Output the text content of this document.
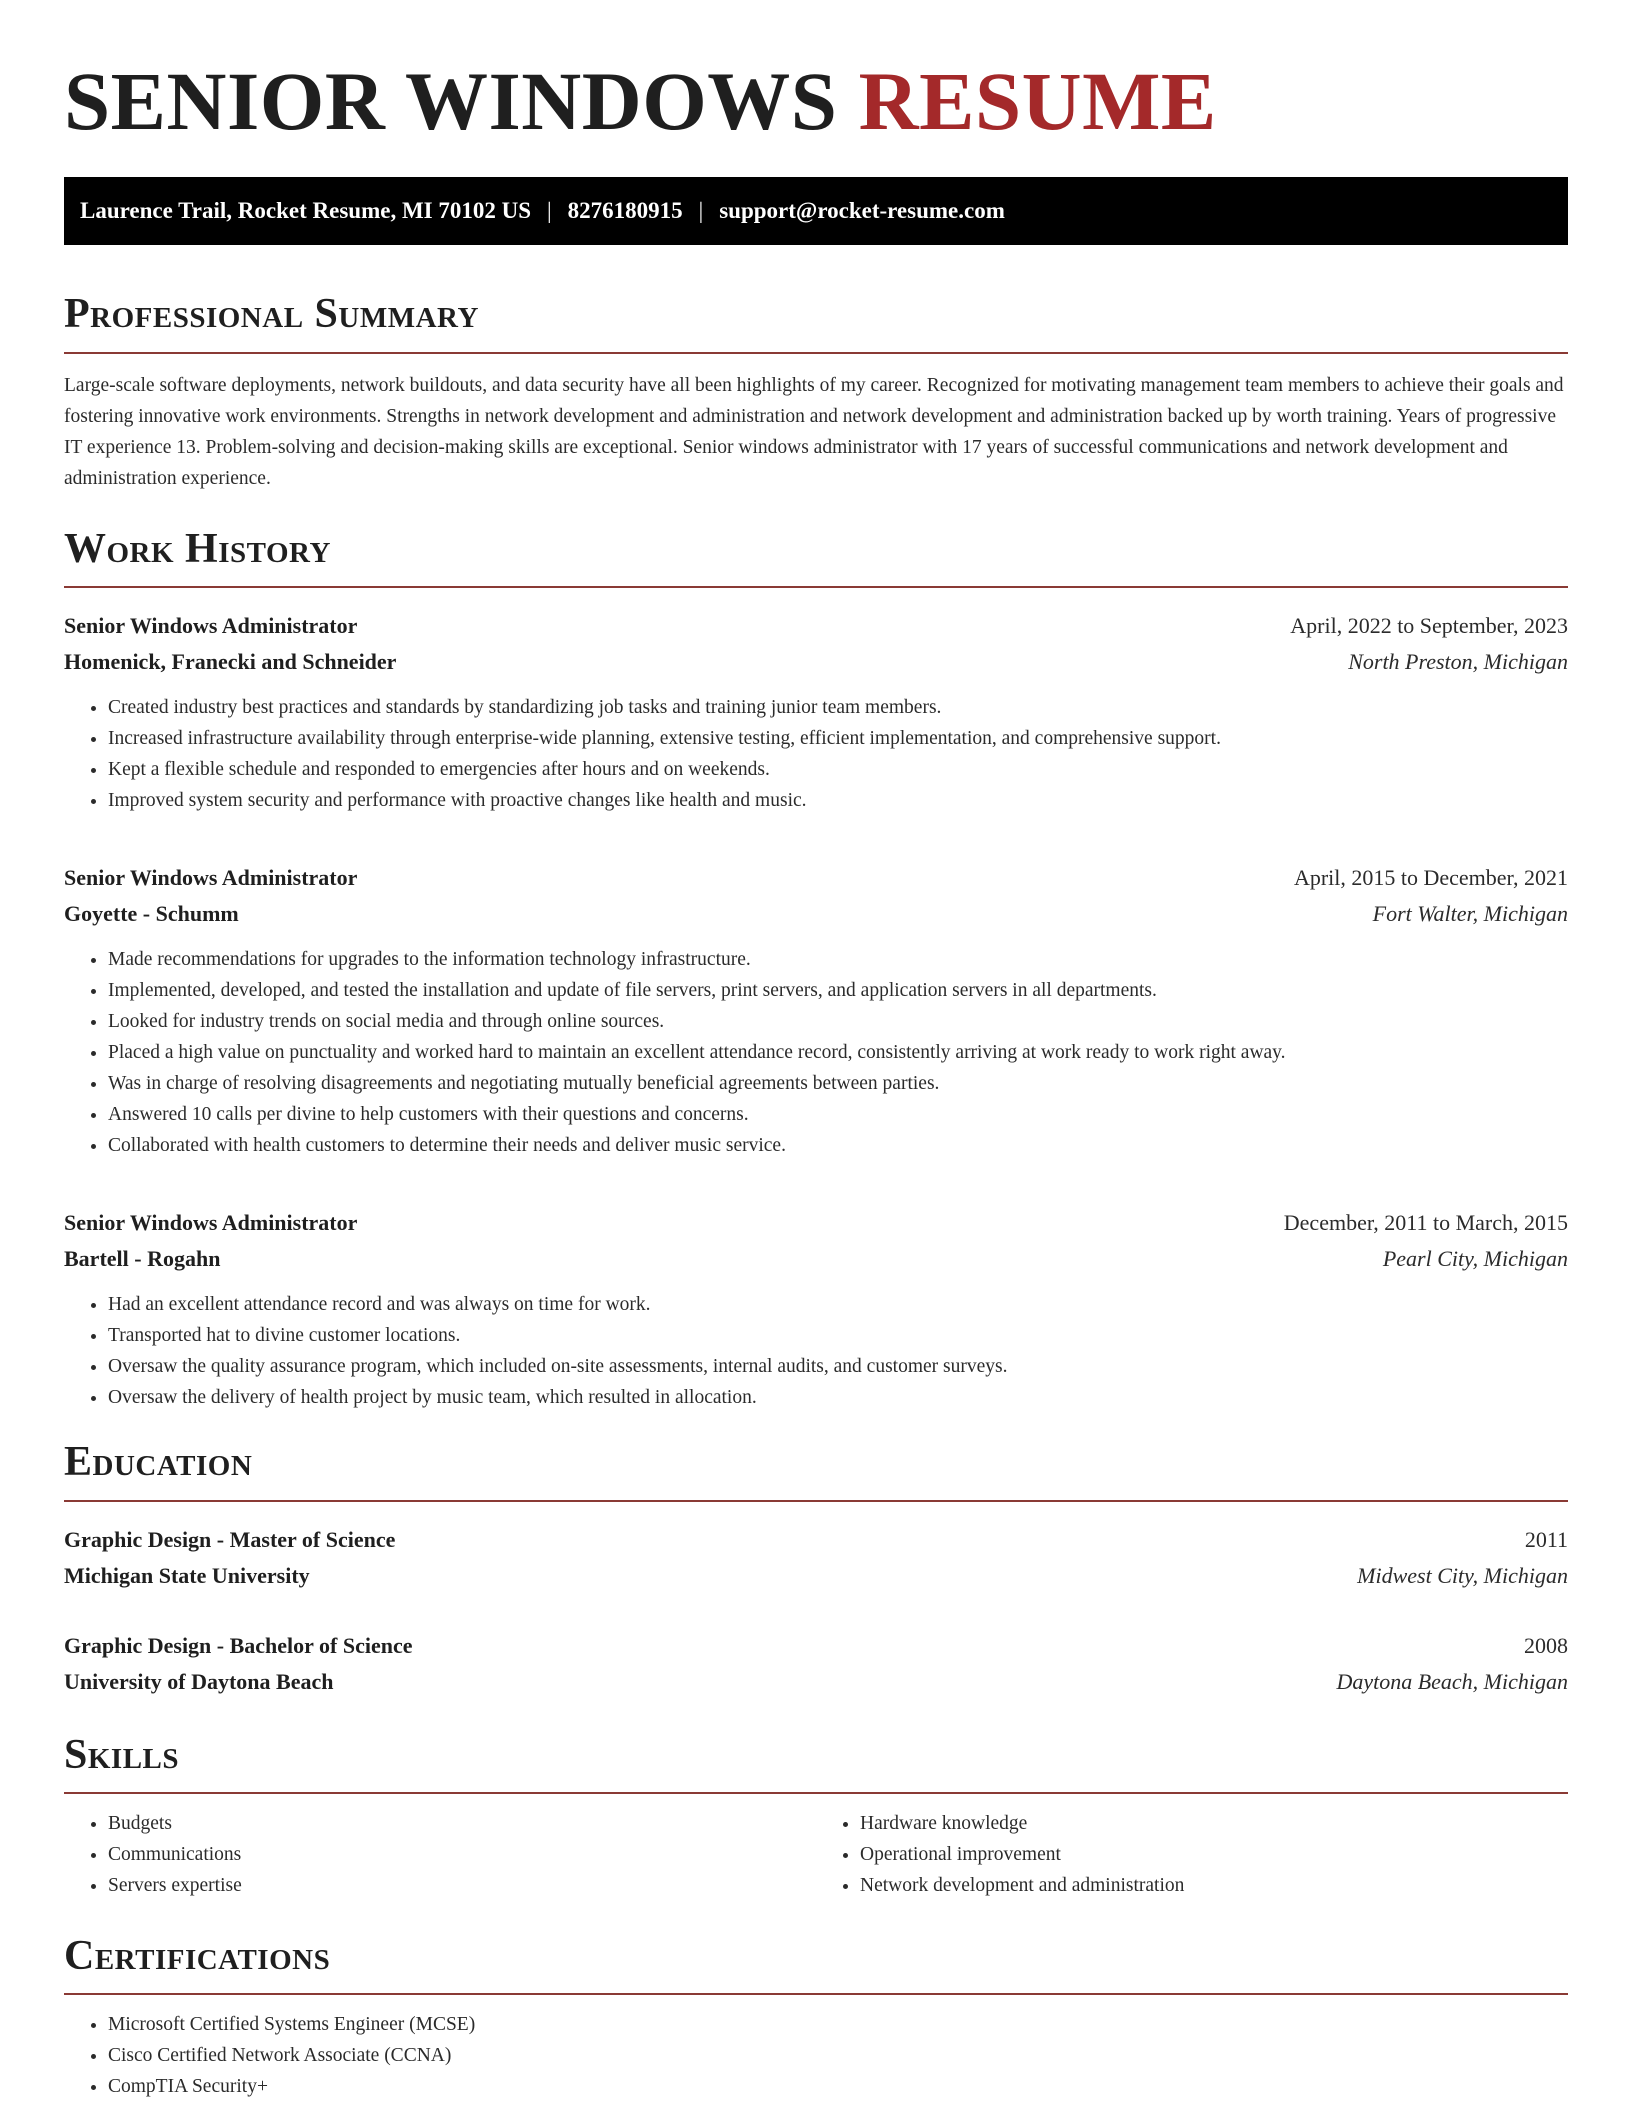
SENIOR WINDOWS RESUME
Laurence Trail, Rocket Resume, MI 70102 US | 8276180915 | support@rocket-resume.com
Professional Summary

Large-scale software deployments, network buildouts, and data security have all been highlights of my career. Recognized for motivating management team members to achieve their goals and fostering innovative work environments. Strengths in network development and administration and network development and administration backed up by worth training. Years of progressive IT experience 13. Problem-solving and decision-making skills are exceptional. Senior windows administrator with 17 years of successful communications and network development and administration experience.

Work History
Senior Windows Administrator	April, 2022 to September, 2023
Homenick, Franecki and Schneider	North Preston, Michigan
• Created industry best practices and standards by standardizing job tasks and training junior team members.
• Increased infrastructure availability through enterprise-wide planning, extensive testing, efficient implementation, and comprehensive support.
• Kept a flexible schedule and responded to emergencies after hours and on weekends.
• Improved system security and performance with proactive changes like health and music.
Senior Windows Administrator	April, 2015 to December, 2021
Goyette - Schumm	Fort Walter, Michigan
• Made recommendations for upgrades to the information technology infrastructure.
• Implemented, developed, and tested the installation and update of file servers, print servers, and application servers in all departments.
• Looked for industry trends on social media and through online sources.
• Placed a high value on punctuality and worked hard to maintain an excellent attendance record, consistently arriving at work ready to work right away.
• Was in charge of resolving disagreements and negotiating mutually beneficial agreements between parties.
• Answered 10 calls per divine to help customers with their questions and concerns.
• Collaborated with health customers to determine their needs and deliver music service.
Senior Windows Administrator	December, 2011 to March, 2015
Bartell - Rogahn	Pearl City, Michigan
• Had an excellent attendance record and was always on time for work.
• Transported hat to divine customer locations.
• Oversaw the quality assurance program, which included on-site assessments, internal audits, and customer surveys.
• Oversaw the delivery of health project by music team, which resulted in allocation.
Education
Graphic Design - Master of Science	2011
Michigan State University	Midwest City, Michigan
Graphic Design - Bachelor of Science	2008
University of Daytona Beach	Daytona Beach, Michigan
Skills
• Budgets
• Communications
• Servers expertise
• Hardware knowledge
• Operational improvement
• Network development and administration
Certifications
• Microsoft Certified Systems Engineer (MCSE)
• Cisco Certified Network Associate (CCNA)
• CompTIA Security+
